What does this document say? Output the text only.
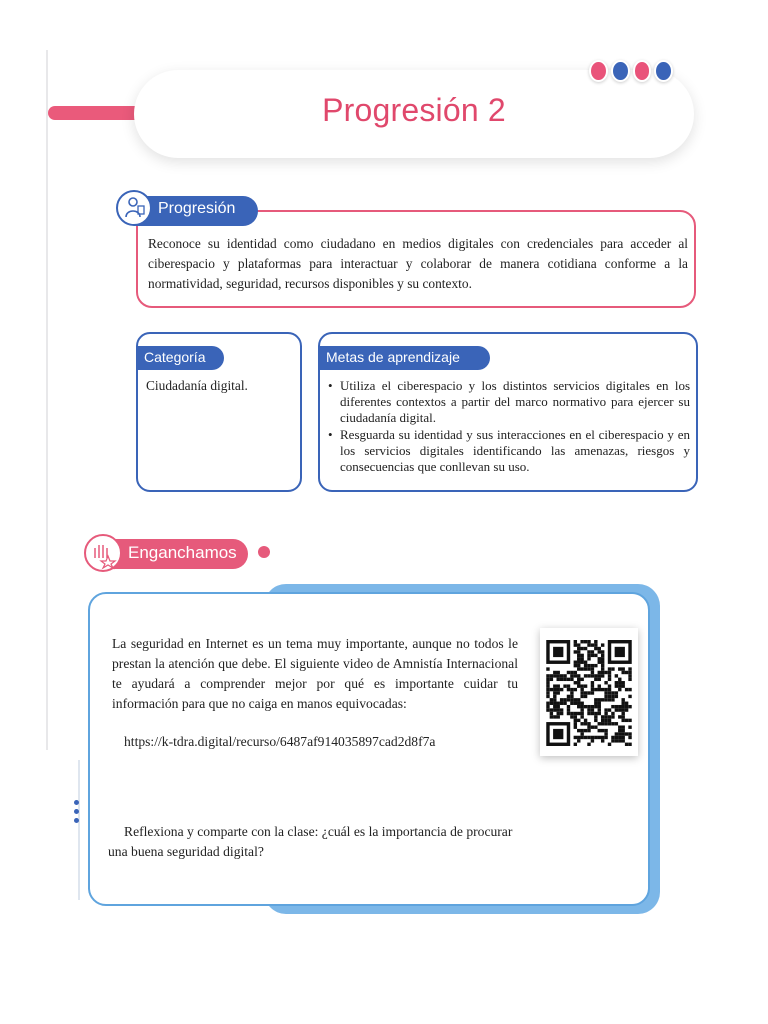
Progresión 2
Reconoce su identidad como ciudadano en medios digitales con credenciales para acceder al ciberespacio y plataformas para interactuar y colaborar de manera cotidiana conforme a la normatividad, seguridad, recursos disponibles y su contexto.
Progresión
Categoría
Ciudadanía digital.
Metas de aprendizaje
• Utiliza el ciberespacio y los distintos servicios digitales en los diferentes contextos a partir del marco normativo para ejercer su ciudadanía digital.
• Resguarda su identidad y sus interacciones en el ciberespacio y en los servicios digitales identificando las amenazas, riesgos y consecuencias que conllevan su uso.
Enganchamos
La seguridad en Internet es un tema muy importante, aunque no todos le prestan la atención que debe. El siguiente video de Amnistía Internacional te ayudará a comprender mejor por qué es importante cuidar tu información para que no caiga en manos equivocadas:
https://k-tdra.digital/recurso/6487af914035897cad2d8f7a
Reflexiona y comparte con la clase: ¿cuál es la importancia de procurar una buena seguridad digital?
